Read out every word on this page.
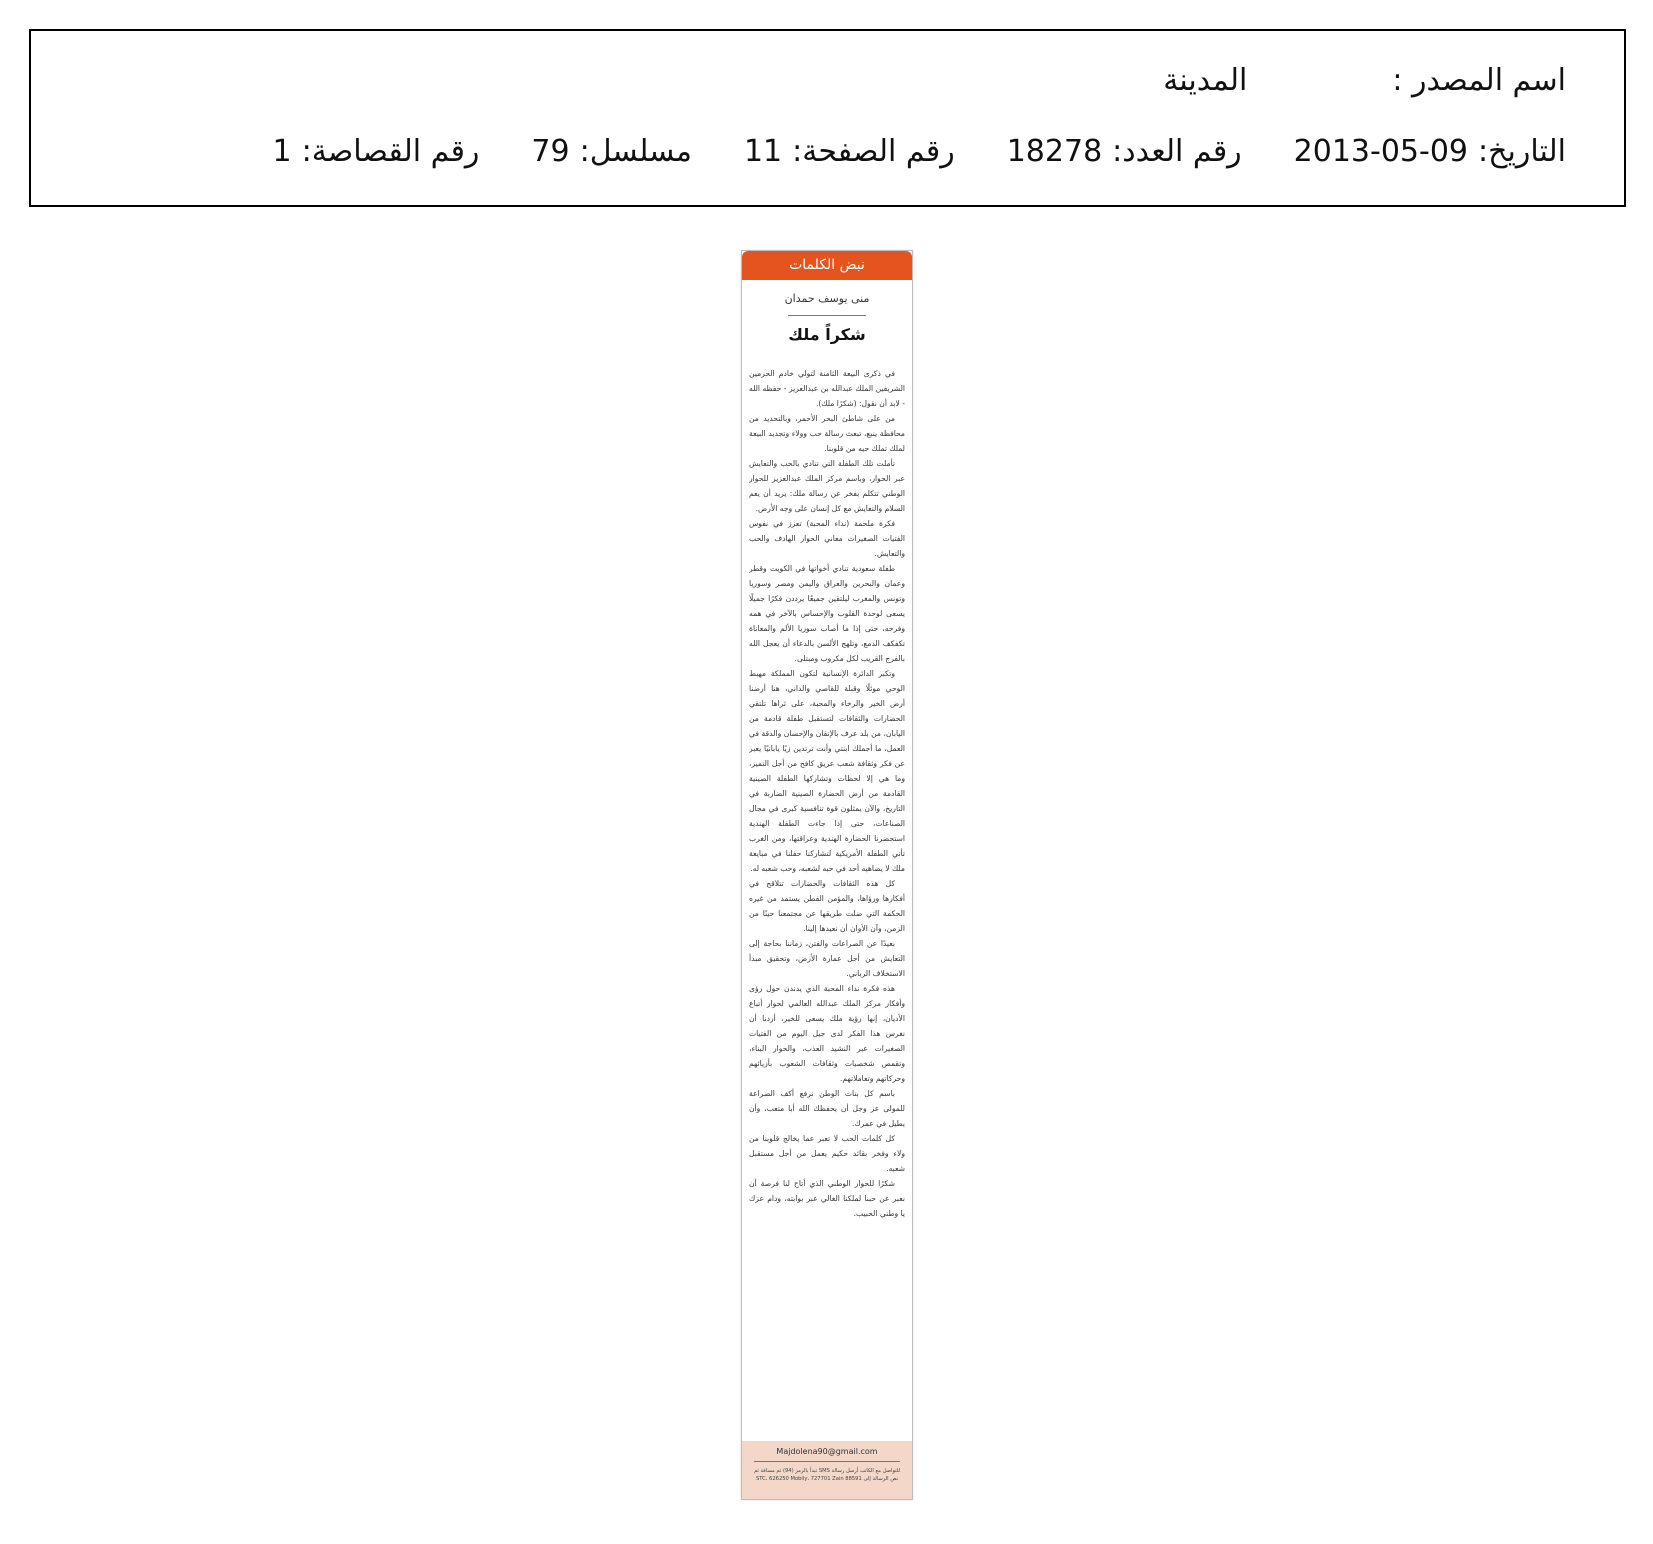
اسم المصدر :
المدينة
التاريخ:
2013-05-09
رقم العدد:
18278
رقم الصفحة:
11
مسلسل:
79
رقم القصاصة:
1
نبض الكلمات
منى يوسف حمدان
شكراً ملك

في ذكرى البيعة الثامنة لتولي خادم الحرمين الشريفين الملك عبدالله بن عبدالعزيز - حفظه الله - لابد أن نقول: (شكرًا ملك).

من على شاطئ البحر الأحمر، وبالتحديد من محافظة ينبع، تبعث رسالة حب وولاء وتجديد البيعة لملك تملك حبه من قلوبنا.

تأملت تلك الطفلة التي تنادي بالحب والتعايش عبر الحوار، وباسم مركز الملك عبدالعزيز للحوار الوطني تتكلم بفخر عن رسالة ملك: يريد أن يعم السلام والتعايش مع كل إنسان على وجه الأرض.

فكرة ملحمة (نداء المحبة) تعزز في نفوس الفتيات الصغيرات معاني الحوار الهادف والحب والتعايش.

طفلة سعودية تنادي أخواتها في الكويت وقطر وعمان والبحرين والعراق واليمن ومصر وسوريا وتونس والمغرب ليلتقين جميعًا يرددن فكرًا جميلًا يسعى لوحدة القلوب والإحساس بالآخر في همه وفرحه، حتى إذا ما أصاب سوريا الألم والمعاناة تكفكف الدمع، وتلهج الألسن بالدعاء أن يعجل الله بالفرج القريب لكل مكروب ومبتلى.

وتكبر الدائرة الإنسانية لتكون المملكة مهبط الوحي موئلًا وقبلة للقاصي والداني، هنا أرضنا أرض الخير والرخاء والمحبة، على ثراها تلتقي الحضارات والثقافات لتستقبل طفلة قادمة من اليابان، من بلد عرف بالإتقان والإحسان والدقة في العمل، ما أجملك ابنتي وأنت ترتدين زيًا يابانيًا يعبر عن فكر وثقافة شعب عريق كافح من أجل التميز، وما هي إلا لحظات وتشاركها الطفلة الصينية القادمة من أرض الحضارة الصينية الضاربة في التاريخ، والآن يمثلون قوة تنافسية كبرى في مجال الصناعات، حتى إذا جاءت الطفلة الهندية استحضرنا الحضارة الهندية وعراقتها، ومن الغرب تأتي الطفلة الأمريكية لتشاركنا حفلنا في مبايعة ملك لا يضاهيه أحد في حبه لشعبه، وحب شعبه له.

كل هذه الثقافات والحضارات تتلاقح في أفكارها ورؤاها، والمؤمن الفطن يستمد من غيره الحكمة التي ضلت طريقها عن مجتمعنا حينًا من الزمن، وآن الأوان أن نعيدها إلينا.

بعيدًا عن الصراعات والفتن، زماننا بحاجة إلى التعايش من أجل عمارة الأرض، وتحقيق مبدأ الاستخلاف الرباني.

هذه فكرة نداء المحبة الذي يدندن حول رؤى وأفكار مركز الملك عبدالله العالمي لحوار أتباع الأديان، إنها رؤية ملك يسعى للخير، أردنا أن نغرس هذا الفكر لدى جيل اليوم من الفتيات الصغيرات عبر النشيد العذب، والحوار البناء، وتقمص شخصيات وثقافات الشعوب بأزيائهم وحركاتهم وتعاملاتهم.

باسم كل بنات الوطن نرفع أكف الضراعة للمولى عز وجل أن يحفظك الله أبا متعب، وأن يطيل في عمرك.

كل كلمات الحب لا تعبر عما يخالج قلوبنا من ولاء وفخر بقائد حكيم يعمل من أجل مستقبل شعبه.

شكرًا للحوار الوطني الذي أتاح لنا فرصة أن نعبر عن حبنا لملكنا الغالي عبر بوابته، ودام عزك يا وطني الحبيب.

Majdolena90@gmail.com
للتواصل مع الكاتب أرسل رسالة SMS تبدأ بالرمز (94) ثم مسافة ثم نص الرسالة إلى 88591 STC، 626250 Mobily، 727701 Zain
